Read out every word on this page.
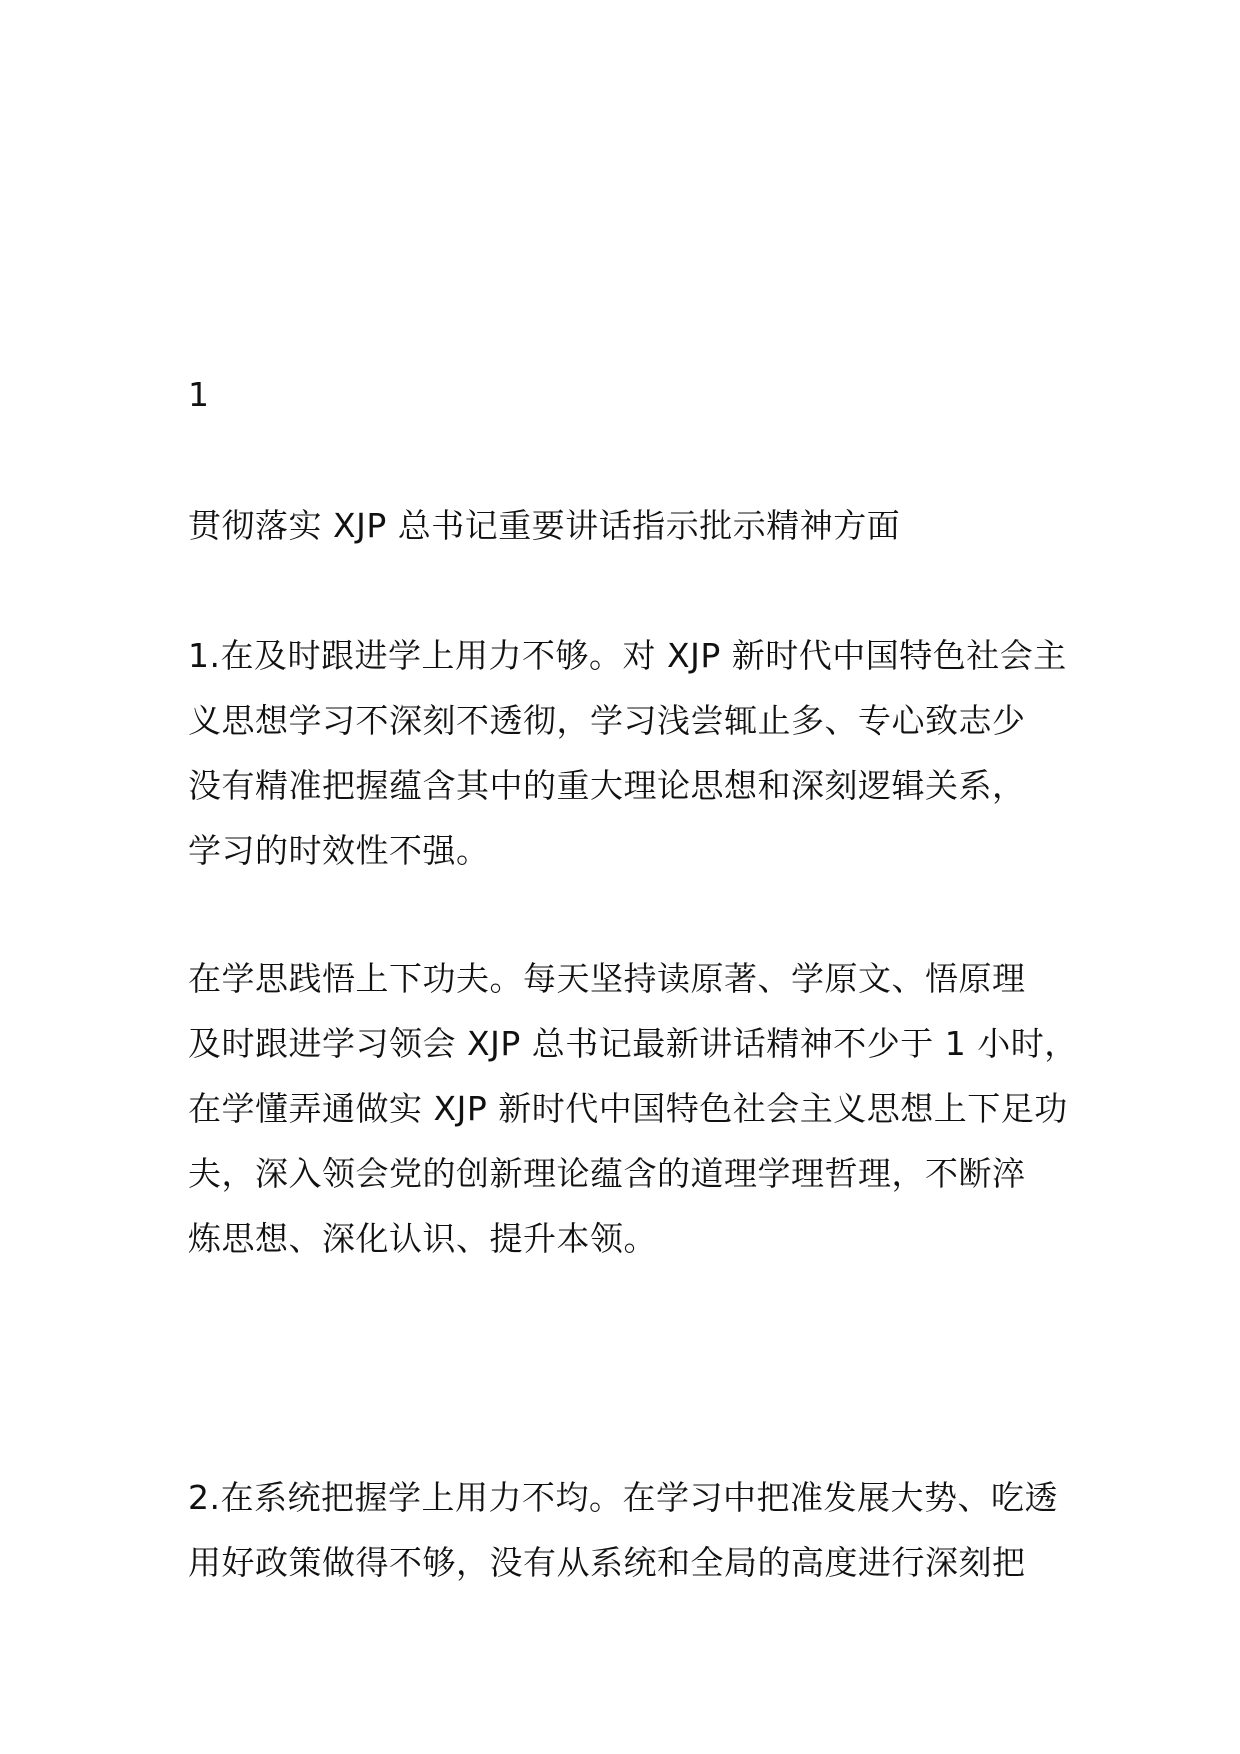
1
贯彻落实 XJP 总书记重要讲话指示批示精神方面
1.在及时跟进学上用力不够。对 XJP 新时代中国特色社会主
义思想学习不深刻不透彻，学习浅尝辄止多、专心致志少
没有精准把握蕴含其中的重大理论思想和深刻逻辑关系，
学习的时效性不强。
在学思践悟上下功夫。每天坚持读原著、学原文、悟原理
及时跟进学习领会 XJP 总书记最新讲话精神不少于 1 小时，
在学懂弄通做实 XJP 新时代中国特色社会主义思想上下足功
夫，深入领会党的创新理论蕴含的道理学理哲理，不断淬
炼思想、深化认识、提升本领。
2.在系统把握学上用力不均。在学习中把准发展大势、吃透
用好政策做得不够，没有从系统和全局的高度进行深刻把
